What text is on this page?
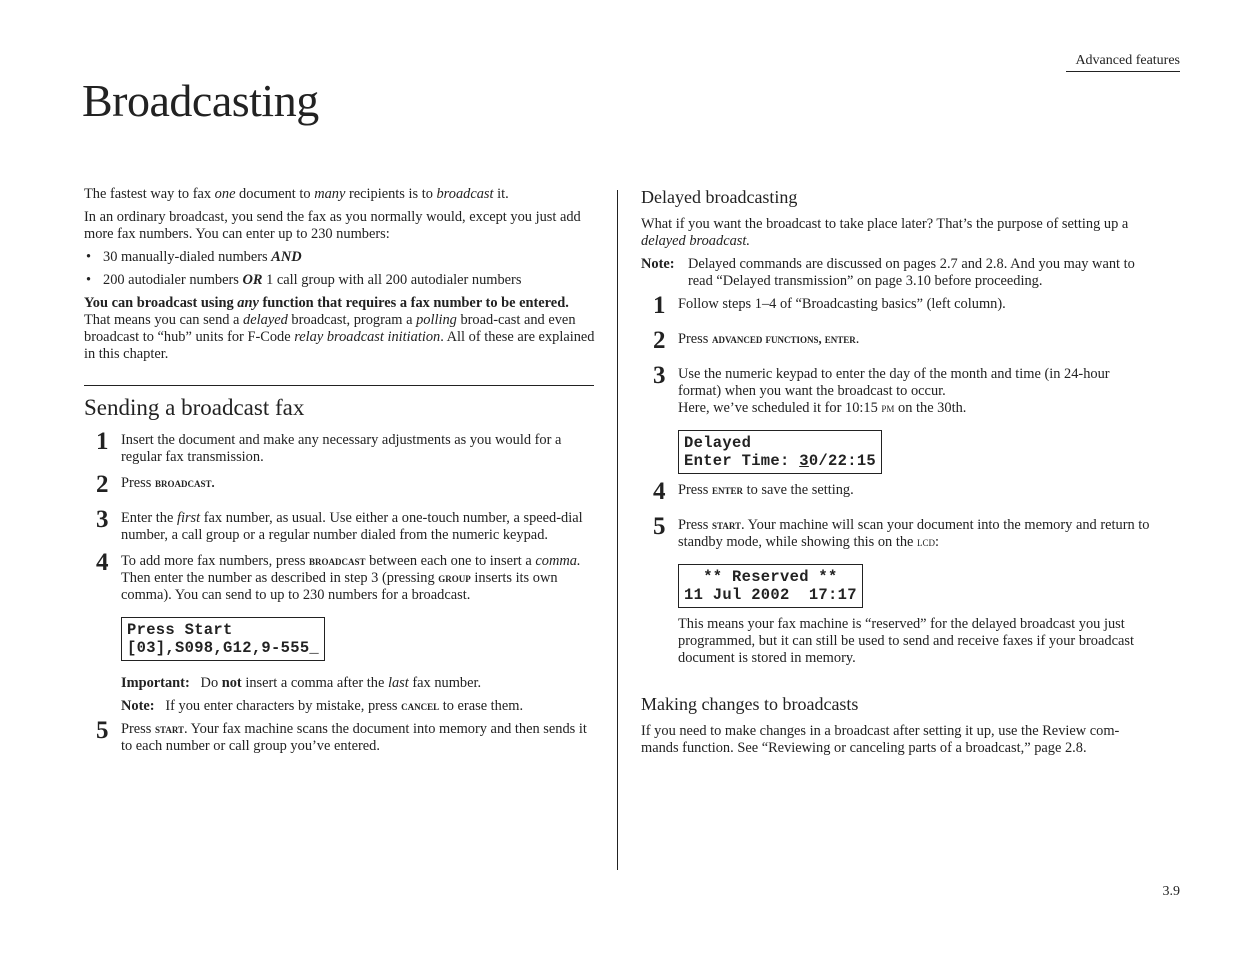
Advanced features
Broadcasting

The fastest way to fax one document to many recipients is to broadcast it.

In an ordinary broadcast, you send the fax as you normally would, except you just add more fax numbers. You can enter up to 230 numbers:

• 30 manually-dialed numbers AND
• 200 autodialer numbers OR 1 call group with all 200 autodialer numbers

You can broadcast using any function that requires a fax number to be entered. That means you can send a delayed broadcast, program a polling broad-cast and even broadcast to “hub” units for F-Code relay broadcast initiation. All of these are explained in this chapter.

Sending a broadcast fax
1 Insert the document and make any necessary adjustments as you would for a regular fax transmission.
2 Press broadcast.
3 Enter the first fax number, as usual. Use either a one-touch number, a speed-dial number, a call group or a regular number dialed from the numeric keypad.
4 To add more fax numbers, press broadcast between each one to insert a comma. Then enter the number as described in step 3 (pressing group inserts its own comma). You can send to up to 230 numbers for a broadcast.
Press Start
[03],S098,G12,9-555_
Important: Do not insert a comma after the last fax number.
Note: If you enter characters by mistake, press cancel to erase them.
5 Press start. Your fax machine scans the document into memory and then sends it to each number or call group you’ve entered.
Delayed broadcasting

What if you want the broadcast to take place later? That’s the purpose of setting up a delayed broadcast.

Note: Delayed commands are discussed on pages 2.7 and 2.8. And you may want to read “Delayed transmission” on page 3.10 before proceeding.
1 Follow steps 1–4 of “Broadcasting basics” (left column).
2 Press advanced functions, enter.
3 Use the numeric keypad to enter the day of the month and time (in 24-hour format) when you want the broadcast to occur.
Here, we’ve scheduled it for 10:15 pm on the 30th.
Delayed
Enter Time: 30/22:15
4 Press enter to save the setting.
5 Press start. Your machine will scan your document into the memory and return to standby mode, while showing this on the lcd:
** Reserved **
11 Jul 2002  17:17

This means your fax machine is “reserved” for the delayed broadcast you just programmed, but it can still be used to send and receive faxes if your broadcast document is stored in memory.

Making changes to broadcasts

If you need to make changes in a broadcast after setting it up, use the Review com-mands function. See “Reviewing or canceling parts of a broadcast,” page 2.8.

3.9
